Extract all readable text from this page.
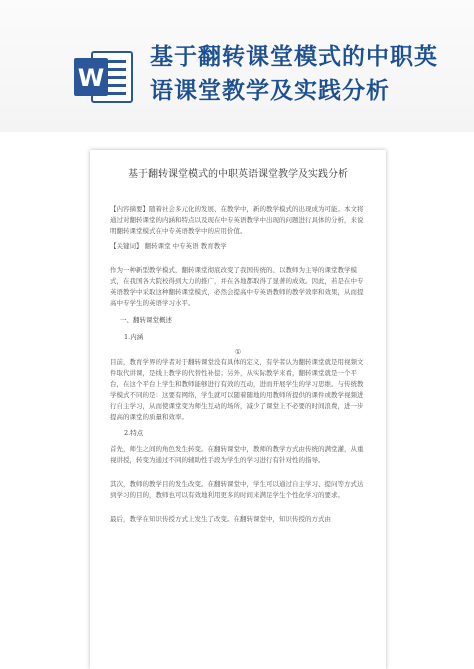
W
基于翻转课堂模式的中职英语课堂教学及实践分析
基于翻转课堂模式的中职英语课堂教学及实践分析
【内容摘要】随着社会多元化的发展、在教学中，新的教学模式的出现成为可能。本文将通过对翻转课堂的内涵和特点以及现在中专英语教学中出现的问题进行具体的分析，来说明翻转课堂模式在中专英语教学中的应用价值。
【关键词】 翻转课堂 中专英语 教育教学
作为一种新型教学模式，翻转课堂彻底改变了我国传统的、以教师为主导的课堂教学模式，在我国各大院校得到大力的推广，并在各地都取得了显著的成效。因此，若是在中专英语教学中采取这种翻转课堂模式，必然会提高中专英语教师的教学效率和效果，从而提高中专学生的英语学习水平。
一、翻转课堂概述
1.内涵
①
目前，教育学界的学者对于翻转课堂没有具体的定义，有学者认为翻转课堂就是用视频文件取代讲课，是线上教学的代替性补偿；另外，从实际教学来看，翻转课堂就是一个平台，在这个平台上学生和教师能够进行有效的互动，进而开展学生的学习思维。与传统教学模式不同的是：这要有网络，学生就可以随着随地的用教师所提供的课件或教学视频进行自主学习，从而使课堂变为师生互动的场所，减少了课堂上不必要的时间浪费，进一步提高的课堂的质量和效率。
2.特点
首先，师生之间的角色发生转变。在翻转课堂中，教师的教学方式由传统的满堂灌，从重视讲授，转变为通过不同的辅助性手段为学生的学习进行有针对性的指导。
其次，教师的教学目的发生改变。在翻转课堂中，学生可以通过自主学习、提问等方式达到学习的目的，教师也可以有效地利用更多的时间来满足学生个性化学习的要求。
最后，教学在知识传授方式上发生了改变。在翻转课堂中，知识传授的方式由
